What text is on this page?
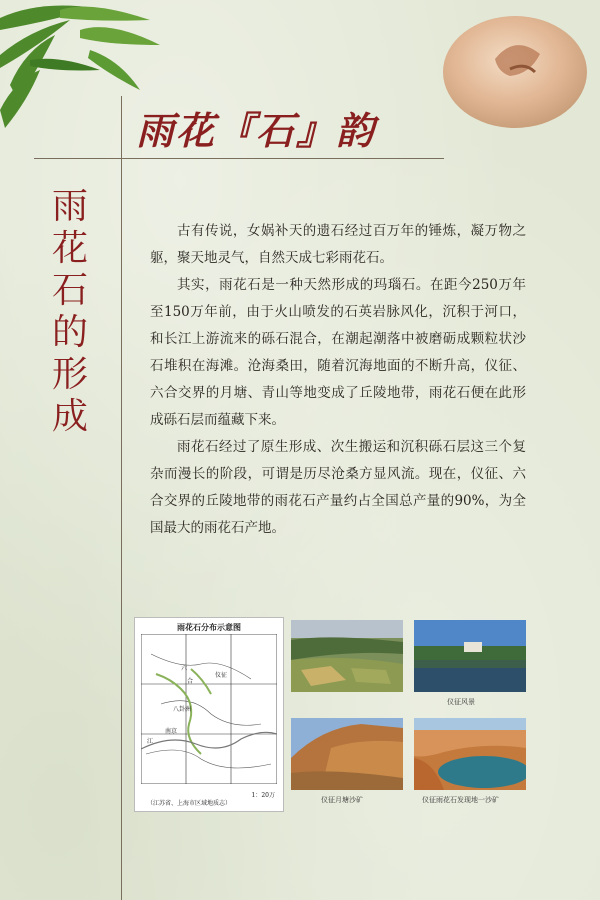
雨花『石』韵
雨花石的形成

古有传说，女娲补天的遗石经过百万年的锤炼，凝万物之躯，聚天地灵气，自然天成七彩雨花石。

其实，雨花石是一种天然形成的玛瑙石。在距今250万年至150万年前，由于火山喷发的石英岩脉风化，沉积于河口，和长江上游流来的砾石混合，在潮起潮落中被磨砺成颗粒状沙石堆积在海滩。沧海桑田，随着沉海地面的不断升高，仪征、六合交界的月塘、青山等地变成了丘陵地带，雨花石便在此形成砾石层而蕴藏下来。

雨花石经过了原生形成、次生搬运和沉积砾石层这三个复杂而漫长的阶段，可谓是历尽沧桑方显风流。现在，仪征、六合交界的丘陵地带的雨花石产量约占全国总产量的90%，为全国最大的雨花石产地。

雨花石分布示意图
六
合
仪征
八卦洲
南京
江
1：20万
（江苏省、上海市区域地质志）
仪征风景
仪征月塘沙矿	仪征雨花石发现地一沙矿
